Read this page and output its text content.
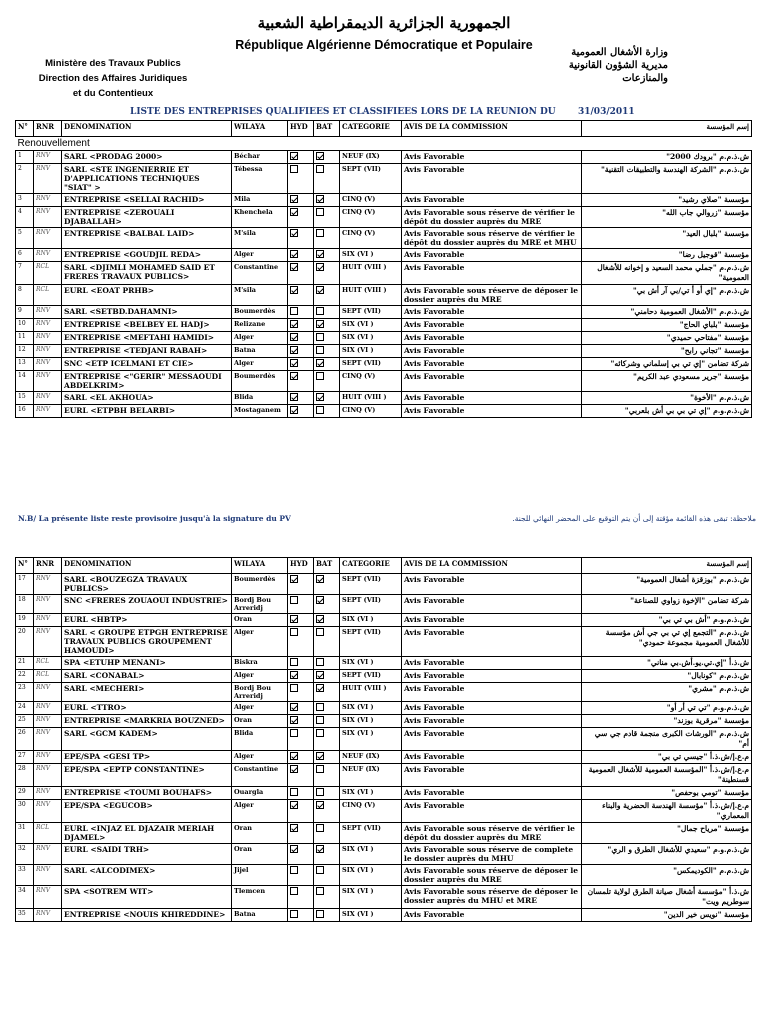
الجمهورية الجزائرية الديمقراطية الشعبية
République Algérienne Démocratique et Populaire
Ministère des Travaux Publics
Direction des Affaires Juridiques
et du Contentieux
وزارة الأشغال العمومية
مديرية الشؤون القانونية
والمنازعات
LISTE DES ENTREPRISES QUALIFIEES ET CLASSIFIEES LORS DE LA REUNION DU 31/03/2011
N°	RNR	DENOMINATION	WILAYA	HYD	BAT	CATEGORIE	AVIS DE LA COMMISSION	إسم المؤسسة
Renouvellement								
1	RNV	SARL <PRODAG 2000>	Béchar			NEUF (IX)	Avis Favorable	ش.ذ.م.م "برودك 2000"
2	RNV	SARL <STE INGENIERRIE ET D'APPLICATIONS TECHNIQUES "SIAT" >	Tébessa			SEPT (VII)	Avis Favorable	ش.ذ.م.م "الشركة الهندسة والتطبيقات التقنية"
3	RNV	ENTREPRISE <SELLAI RACHID>	Mila			CINQ (V)	Avis Favorable	مؤسسة "صلاي رشيد"
4	RNV	ENTREPRISE <ZEROUALI DJABALLAH>	Khenchela			CINQ (V)	Avis Favorable sous réserve de vérifier le dépôt du dossier auprès du MRE	مؤسسة "زروالي جاب الله"
5	RNV	ENTREPRISE <BALBAL LAID>	M'sila			CINQ (V)	Avis Favorable sous réserve de vérifier le dépôt du dossier auprès du MRE et MHU	مؤسسة "بلبال العيد"
6	RNV	ENTREPRISE <GOUDJIL REDA>	Alger			SIX (VI )	Avis Favorable	مؤسسة "قوجيل رضا"
7	RCL	SARL <DJIMLI MOHAMED SAID ET FRERES TRAVAUX PUBLICS>	Constantine			HUIT (VIII )	Avis Favorable	ش.ذ.م.م "جملي محمد السعيد و إخوانه للأشغال العمومية"
8	RCL	EURL <EOAT PRHB>	M'sila			HUIT (VIII )	Avis Favorable sous réserve de déposer le dossier auprès du MRE	ش.ذ.م.م "إي أو أ تي/بي آر أش بي"
9	RNV	SARL <SETBD.DAHAMNI>	Boumerdès			SEPT (VII)	Avis Favorable	ش.ذ.م.م "الأشغال العمومية دحامني"
10	RNV	ENTREPRISE <BELBEY EL HADJ>	Relizane			SIX (VI )	Avis Favorable	مؤسسة "بلباي الحاج"
11	RNV	ENTREPRISE <MEFTAHI HAMIDI>	Alger			SIX (VI )	Avis Favorable	مؤسسة "مفتاحي حميدي"
12	RNV	ENTREPRISE <TEDJANI RABAH>	Batna			SIX (VI )	Avis Favorable	مؤسسة "تجاني رابح"
13	RNV	SNC <ETP ICELMANI ET CIE>	Alger			SEPT (VII)	Avis Favorable	شركة تضامن "إي تي بي إسلماني وشركائه"
14	RNV	ENTREPRISE <"GERIR" MESSAOUDI ABDELKRIM>	Boumerdès			CINQ (V)	Avis Favorable	مؤسسة "جرير مسعودي عبد الكريم"
15	RNV	SARL <EL AKHOUA>	Blida			HUIT (VIII )	Avis Favorable	ش.ذ.م.م "الأخوة"
16	RNV	EURL <ETPBH BELARBI>	Mostaganem			CINQ (V)	Avis Favorable	ش.ذ.م.و.م "إي تي بي بي أش بلعربي"
N.B/ La présente liste reste provisoire jusqu'à la signature du PV	ملاحظة: تبقى هذه القائمة مؤقتة إلى أن يتم التوقيع على المحضر النهائي للجنة.
N°	RNR	DENOMINATION	WILAYA	HYD	BAT	CATEGORIE	AVIS DE LA COMMISSION	إسم المؤسسة
17	RNV	SARL <BOUZEGZA TRAVAUX PUBLICS>	Boumerdès			SEPT (VII)	Avis Favorable	ش.ذ.م.م "بوزقزة أشغال العمومية"
18	RNV	SNC <FRERES ZOUAOUI INDUSTRIE>	Bordj Bou Arreridj			SEPT (VII)	Avis Favorable	شركة تضامن "الإخوة زواوي للصناعة"
19	RNV	EURL <HBTP>	Oran			SIX (VI )	Avis Favorable	ش.ذ.م.و.م "أش بي تي بي"
20	RNV	SARL < GROUPE ETPGH ENTREPRISE TRAVAUX PUBLICS GROUPEMENT HAMOUDI>	Alger			SEPT (VII)	Avis Favorable	ش.ذ.م.م "التجمع إي تي بي جي أش مؤسسة للأشغال العمومية مجموعة حمودي"
21	RCL	SPA <ETUHP MENANI>	Biskra			SIX (VI )	Avis Favorable	ش.ذ.أ "إي.تي.يو.أش.بي مناني"
22	RCL	SARL <CONABAL>	Alger			SEPT (VII)	Avis Favorable	ش.ذ.م.م "كونابال"
23	RNV	SARL <MECHERI>	Bordj Bou Arreridj			HUIT (VIII )	Avis Favorable	ش.ذ.م.م "مشري"
24	RNV	EURL <TTRO>	Alger			SIX (VI )	Avis Favorable	ش.ذ.م.و.م "تي تي أر أو"
25	RNV	ENTREPRISE <MARKRIA BOUZNED>	Oran			SIX (VI )	Avis Favorable	مؤسسة "مرقرية بوزند"
26	RNV	SARL <GCM KADEM>	Blida			SIX (VI )	Avis Favorable	ش.ذ.م.م "الورشات الكبرى منجمة قادم جي سي أم"
27	RNV	EPE/SPA <GESI TP>	Alger			NEUF (IX)	Avis Favorable	م.ع.إ/ش.ذ.أ "جيسي تي بي"
28	RNV	EPE/SPA <EPTP CONSTANTINE>	Constantine			NEUF (IX)	Avis Favorable	م.ع.إ/ش.ذ.أ "المؤسسة العمومية للأشغال العمومية قسنطينة"
29	RNV	ENTREPRISE <TOUMI BOUHAFS>	Ouargla			SIX (VI )	Avis Favorable	مؤسسة "تومي بوحفص"
30	RNV	EPE/SPA <EGUCOB>	Alger			CINQ (V)	Avis Favorable	م.ع.إ/ش.ذ.أ "مؤسسة الهندسة الحضرية والبناء المعماري"
31	RCL	EURL <INJAZ EL DJAZAIR MERIAH DJAMEL>	Oran			SEPT (VII)	Avis Favorable sous réserve de vérifier le dépôt du dossier auprès du MRE	مؤسسة "مرياح جمال"
32	RNV	EURL <SAIDI TRH>	Oran			SIX (VI )	Avis Favorable sous réserve de complete le dossier auprès du MHU	ش.ذ.م.و.م "سعيدي للأشغال الطرق و الري"
33	RNV	SARL <ALCODIMEX>	Jijel			SIX (VI )	Avis Favorable sous réserve de déposer le dossier auprès du MRE	ش.ذ.م.م "الكوديمكس"
34	RNV	SPA <SOTREM WIT>	Tlemcen			SIX (VI )	Avis Favorable sous réserve de déposer le dossier auprès du MHU et MRE	ش.ذ.أ "مؤسسة أشغال صيانة الطرق لولاية تلمسان سوطريم ويت"
35	RNV	ENTREPRISE <NOUIS KHIREDDINE>	Batna			SIX (VI )	Avis Favorable	مؤسسة "نويس خير الدين"
